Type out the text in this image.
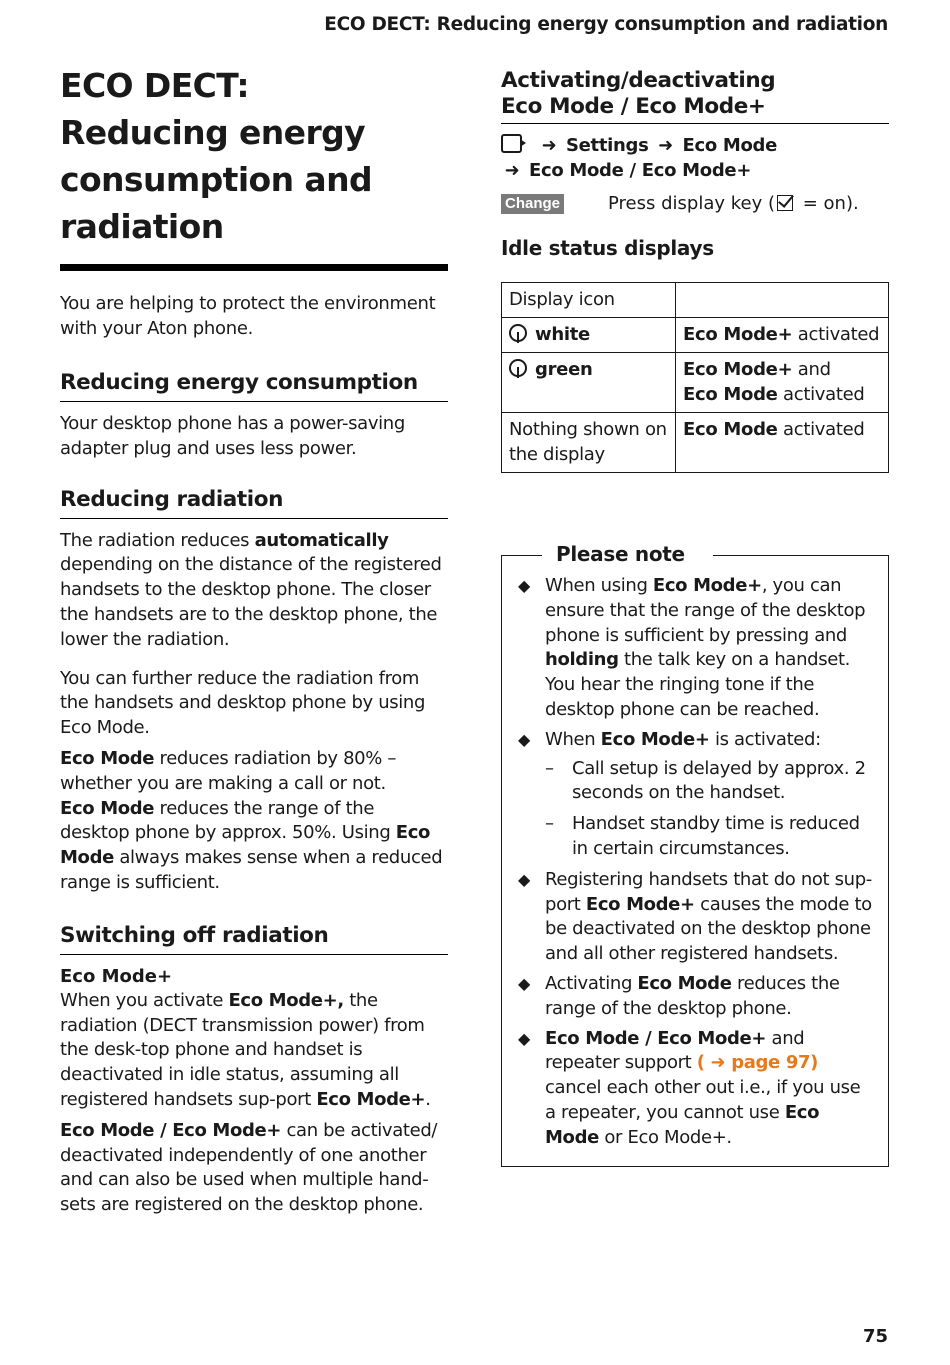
ECO DECT: Reducing energy consumption and radiation
ECO DECT:
Reducing energy
consumption and
radiation

You are helping to protect the environment with your Aton phone.

Reducing energy consumption

Your desktop phone has a power-saving adapter plug and uses less power.

Reducing radiation

The radiation reduces automatically depending on the distance of the registered handsets to the desktop phone. The closer the handsets are to the desktop phone, the lower the radiation.

You can further reduce the radiation from the handsets and desktop phone by using Eco Mode.

Eco Mode reduces radiation by 80% – whether you are making a call or not.
Eco Mode reduces the range of the desktop phone by approx. 50%. Using Eco Mode always makes sense when a reduced range is sufficient.

Switching off radiation
Eco Mode+

When you activate Eco Mode+, the radiation (DECT transmission power) from the desk-top phone and handset is deactivated in idle status, assuming all registered handsets sup-port Eco Mode+.

Eco Mode / Eco Mode+ can be activated/ deactivated independently of one another and can also be used when multiple hand-sets are registered on the desktop phone.

Activating/deactivating
Eco Mode / Eco Mode+
➜ Settings ➜ Eco Mode
➜ Eco Mode / Eco Mode+
Change	Press display key ( = on).
Idle status displays
Display icon	
white	Eco Mode+ activated
green	Eco Mode+ and
Eco Mode activated
Nothing shown on the display	Eco Mode activated
Please note
◆ When using Eco Mode+, you can ensure that the range of the desktop phone is sufficient by pressing and holding the talk key on a handset. You hear the ringing tone if the desktop phone can be reached.
◆ When Eco Mode+ is activated:
– Call setup is delayed by approx. 2 seconds on the handset.
– Handset standby time is reduced in certain circumstances.
◆ Registering handsets that do not sup-port Eco Mode+ causes the mode to be deactivated on the desktop phone and all other registered handsets.
◆ Activating Eco Mode reduces the range of the desktop phone.
◆ Eco Mode / Eco Mode+ and repeater support ( ➜ page 97) cancel each other out i.e., if you use a repeater, you cannot use Eco Mode or Eco Mode+.
75
